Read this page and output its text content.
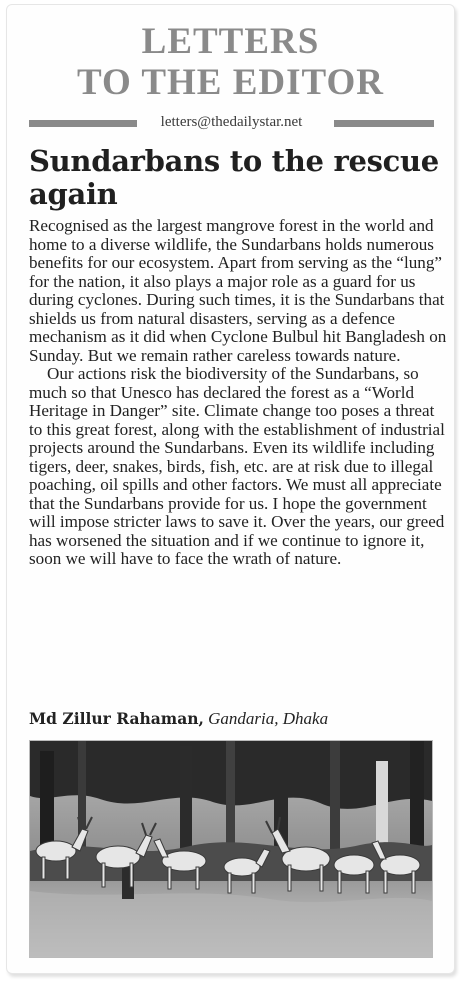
LETTERS
TO THE EDITOR
letters@thedailystar.net
Sundarbans to the rescue again

Recognised as the largest mangrove forest in the world and home to a diverse wildlife, the Sundarbans holds numerous benefits for our ecosystem. Apart from serving as the “lung” for the nation, it also plays a major role as a guard for us during cyclones. During such times, it is the Sundarbans that shields us from natural disasters, serving as a defence mechanism as it did when Cyclone Bulbul hit Bangladesh on Sunday. But we remain rather careless towards nature.

Our actions risk the biodiversity of the Sundarbans, so much so that Unesco has declared the forest as a “World Heritage in Danger” site. Climate change too poses a threat to this great forest, along with the establishment of industrial projects around the Sundarbans. Even its wildlife including tigers, deer, snakes, birds, fish, etc. are at risk due to illegal poaching, oil spills and other factors. We must all appreciate that the Sundarbans provide for us. I hope the government will impose stricter laws to save it. Over the years, our greed has worsened the situation and if we continue to ignore it, soon we will have to face the wrath of nature.

Md Zillur Rahaman, Gandaria, Dhaka
